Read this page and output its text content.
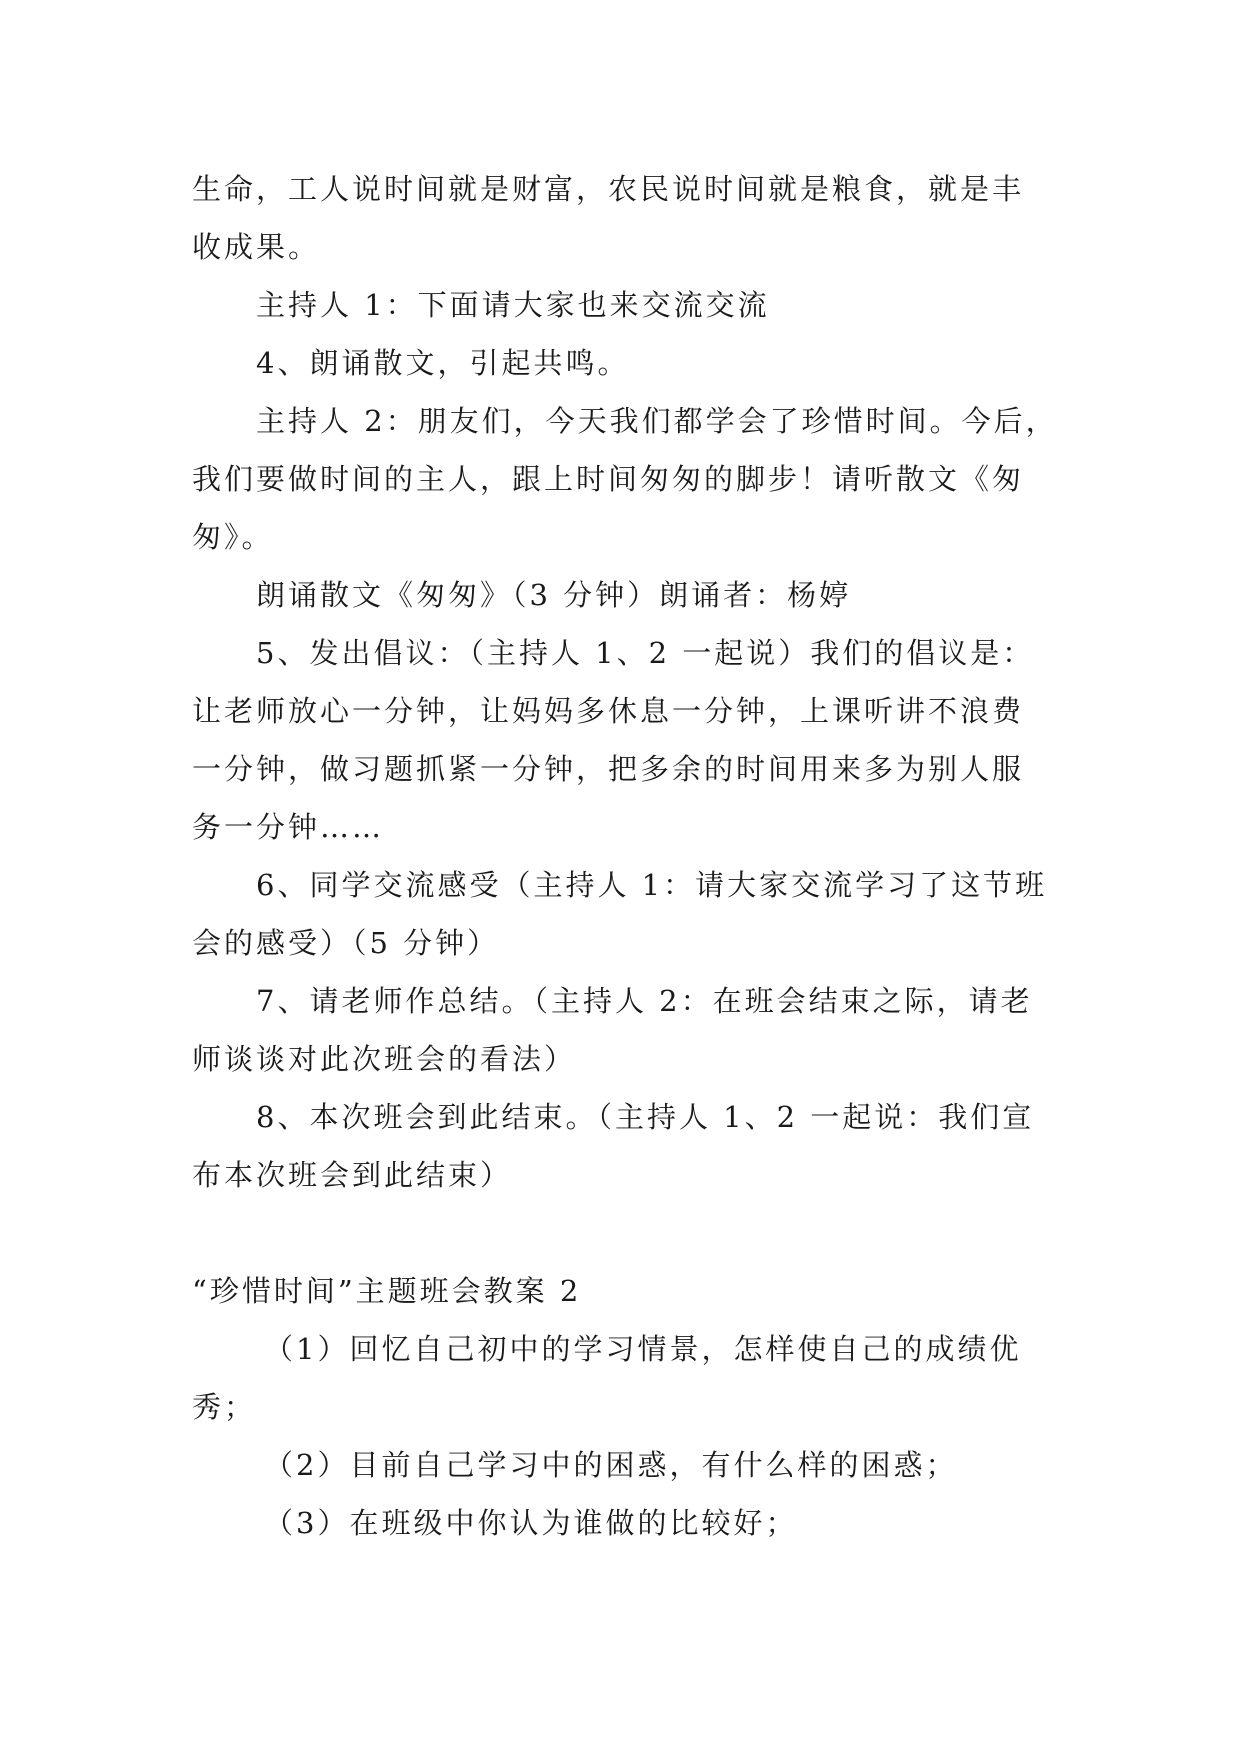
生命，工人说时间就是财富，农民说时间就是粮食，就是丰
收成果。
主持人 1：下面请大家也来交流交流
4、朗诵散文，引起共鸣。
主持人 2：朋友们，今天我们都学会了珍惜时间。今后，
我们要做时间的主人，跟上时间匆匆的脚步！请听散文《匆
匆》。
朗诵散文《匆匆》（3 分钟）朗诵者：杨婷
5、发出倡议：（主持人 1、2 一起说）我们的倡议是：
让老师放心一分钟，让妈妈多休息一分钟，上课听讲不浪费
一分钟，做习题抓紧一分钟，把多余的时间用来多为别人服
务一分钟……
6、同学交流感受（主持人 1：请大家交流学习了这节班
会的感受）（5 分钟）
7、请老师作总结。（主持人 2：在班会结束之际，请老
师谈谈对此次班会的看法）
8、本次班会到此结束。（主持人 1、2 一起说：我们宣
布本次班会到此结束）
“珍惜时间”主题班会教案 2
（1）回忆自己初中的学习情景，怎样使自己的成绩优
秀；
（2）目前自己学习中的困惑，有什么样的困惑；
（3）在班级中你认为谁做的比较好；
